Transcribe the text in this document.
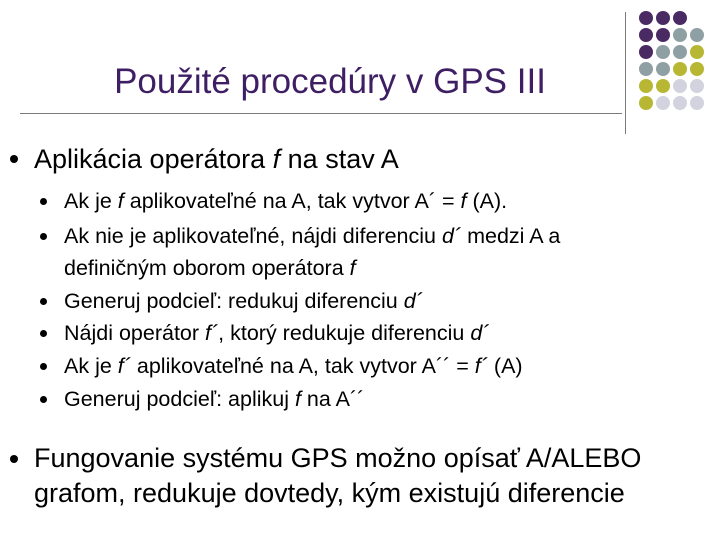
Použité procedúry v GPS III
Aplikácia operátora f na stav A
Ak je f aplikovateľné na A, tak vytvor A´ = f (A).
Ak nie je aplikovateľné, nájdi diferenciu d´ medzi A a
definičným oborom operátora f
Generuj podcieľ: redukuj diferenciu d´
Nájdi operátor f´, ktorý redukuje diferenciu d´
Ak je f´ aplikovateľné na A, tak vytvor A´´ = f´ (A)
Generuj podcieľ: aplikuj f na A´´
Fungovanie systému GPS možno opísať A/ALEBO
grafom, redukuje dovtedy, kým existujú diferencie
